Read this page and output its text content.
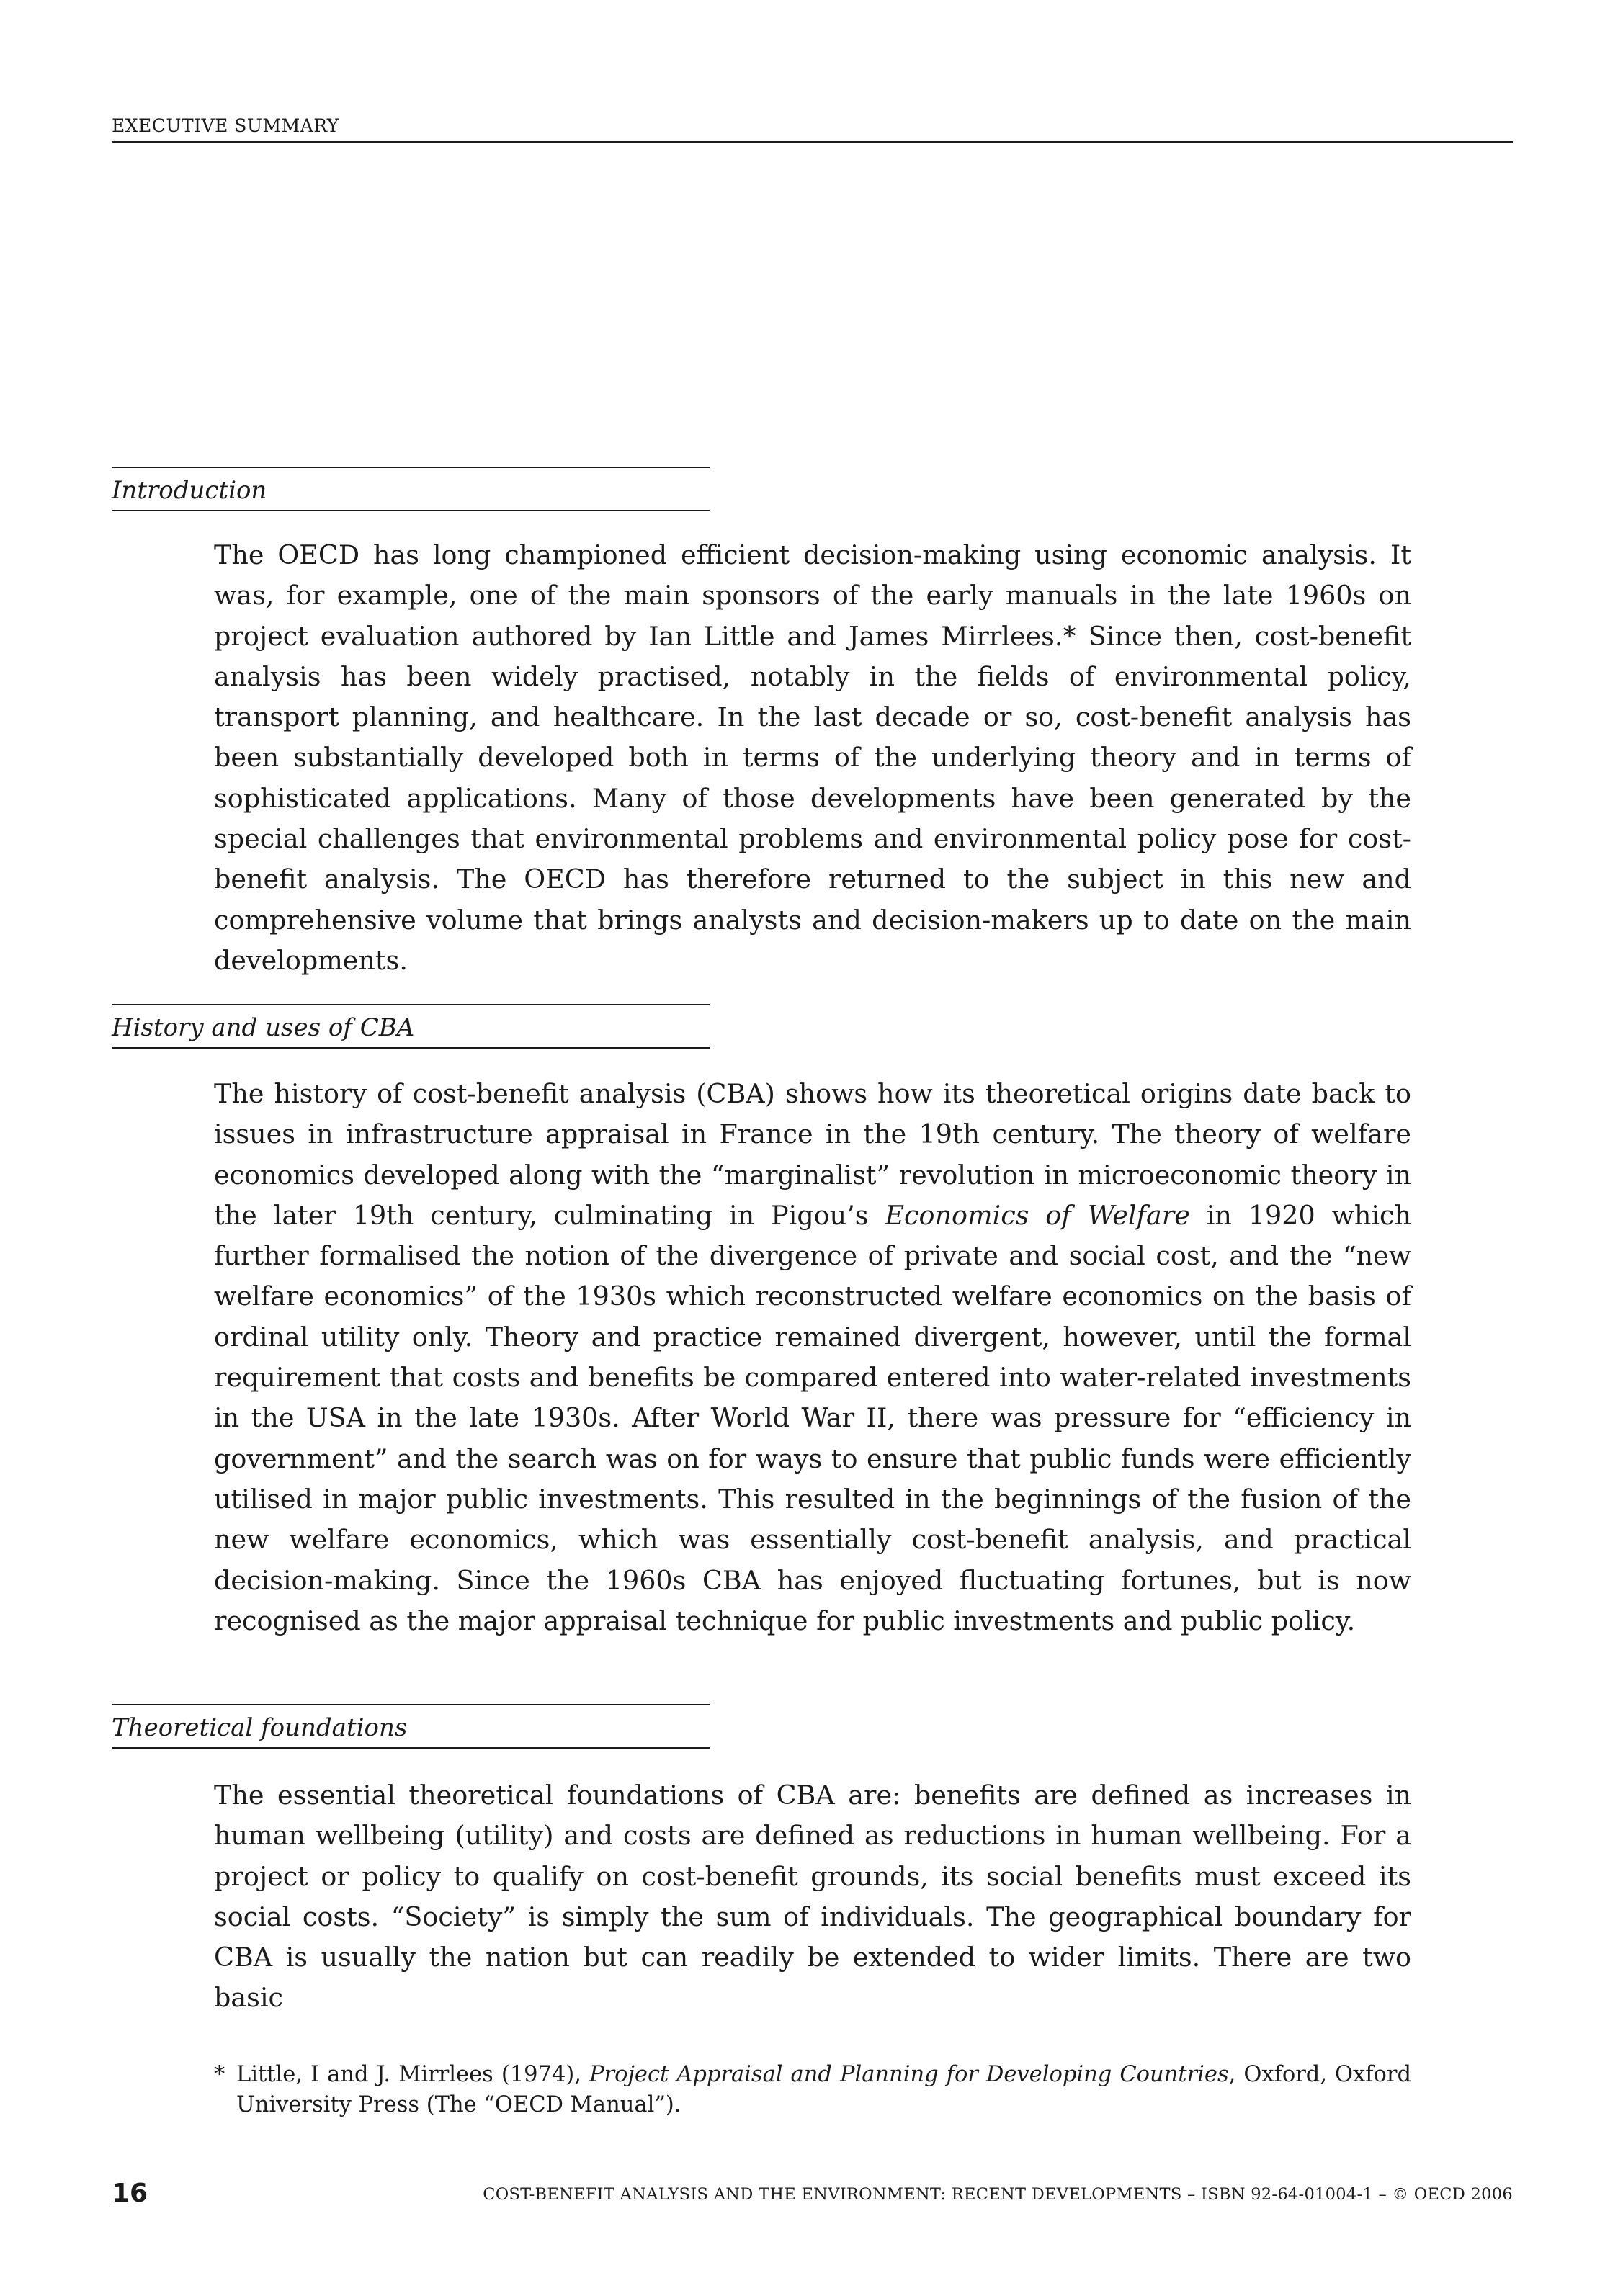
EXECUTIVE SUMMARY
Introduction

The OECD has long championed efficient decision-making using economic analysis. It was, for example, one of the main sponsors of the early manuals in the late 1960s on project evaluation authored by Ian Little and James Mirrlees.* Since then, cost-benefit analysis has been widely practised, notably in the fields of environmental policy, transport planning, and healthcare. In the last decade or so, cost-benefit analysis has been substantially developed both in terms of the underlying theory and in terms of sophisticated applications. Many of those developments have been generated by the special challenges that environmental problems and environmental policy pose for cost-benefit analysis. The OECD has therefore returned to the subject in this new and comprehensive volume that brings analysts and decision-makers up to date on the main developments.

History and uses of CBA

The history of cost-benefit analysis (CBA) shows how its theoretical origins date back to issues in infrastructure appraisal in France in the 19th century. The theory of welfare economics developed along with the “marginalist” revolution in microeconomic theory in the later 19th century, culminating in Pigou’s Economics of Welfare in 1920 which further formalised the notion of the divergence of private and social cost, and the “new welfare economics” of the 1930s which reconstructed welfare economics on the basis of ordinal utility only. Theory and practice remained divergent, however, until the formal requirement that costs and benefits be compared entered into water-related investments in the USA in the late 1930s. After World War II, there was pressure for “efficiency in government” and the search was on for ways to ensure that public funds were efficiently utilised in major public investments. This resulted in the beginnings of the fusion of the new welfare economics, which was essentially cost-benefit analysis, and practical decision-making. Since the 1960s CBA has enjoyed fluctuating fortunes, but is now recognised as the major appraisal technique for public investments and public policy.

Theoretical foundations

The essential theoretical foundations of CBA are: benefits are defined as increases in human wellbeing (utility) and costs are defined as reductions in human wellbeing. For a project or policy to qualify on cost-benefit grounds, its social benefits must exceed its social costs. “Society” is simply the sum of individuals. The geographical boundary for CBA is usually the nation but can readily be extended to wider limits. There are two basic

* Little, I and J. Mirrlees (1974), Project Appraisal and Planning for Developing Countries, Oxford, Oxford University Press (The “OECD Manual”).
16	COST-BENEFIT ANALYSIS AND THE ENVIRONMENT: RECENT DEVELOPMENTS – ISBN 92-64-01004-1 – © OECD 2006
